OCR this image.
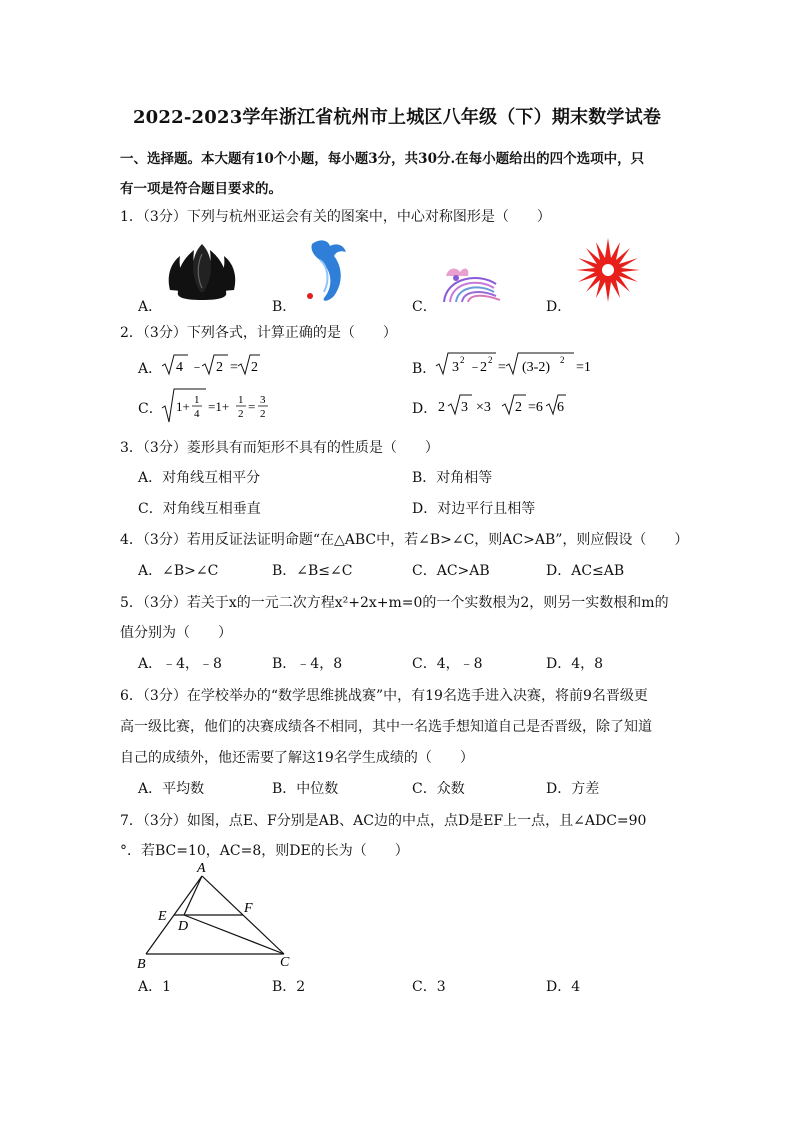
2022-2023学年浙江省杭州市上城区八年级（下）期末数学试卷
一、选择题。本大题有10个小题，每小题3分，共30分.在每小题给出的四个选项中，只
有一项是符合题目要求的。
1．（3分）下列与杭州亚运会有关的图案中，中心对称图形是（　　）
A．	B．	C．	D．
2．（3分）下列各式，计算正确的是（　　）
A． 4 ﹣ 2 = 2	B． 3 2 ﹣
2 2 = (3-2) 2 =1
C． 1+ 1
4 =1+ 1
2 = 3
2	D． 2 3 ×3 2 =6 6
3．（3分）菱形具有而矩形不具有的性质是（　　）
A．对角线互相平分	B．对角相等
C．对角线互相垂直	D．对边平行且相等
4．（3分）若用反证法证明命题“在△ABC中，若∠B>∠C，则AC>AB”，则应假设（　　）
A．∠B>∠C	B．∠B≤∠C	C．AC>AB	D．AC≤AB
5．（3分）若关于x的一元二次方程x²+2x+m=0的一个实数根为2，则另一实数根和m的
值分别为（　　）
A．﹣4，﹣8	B．﹣4，8	C．4，﹣8	D．4，8
6．（3分）在学校举办的“数学思维挑战赛”中，有19名选手进入决赛，将前9名晋级更
高一级比赛，他们的决赛成绩各不相同，其中一名选手想知道自己是否晋级，除了知道
自己的成绩外，他还需要了解这19名学生成绩的（　　）
A．平均数	B．中位数	C．众数	D．方差
7．（3分）如图，点E、F分别是AB、AC边的中点，点D是EF上一点，且∠ADC=90
°．若BC=10，AC=8，则DE的长为（　　）
A
E
F
D
B	C
A．1	B．2	C．3	D．4
